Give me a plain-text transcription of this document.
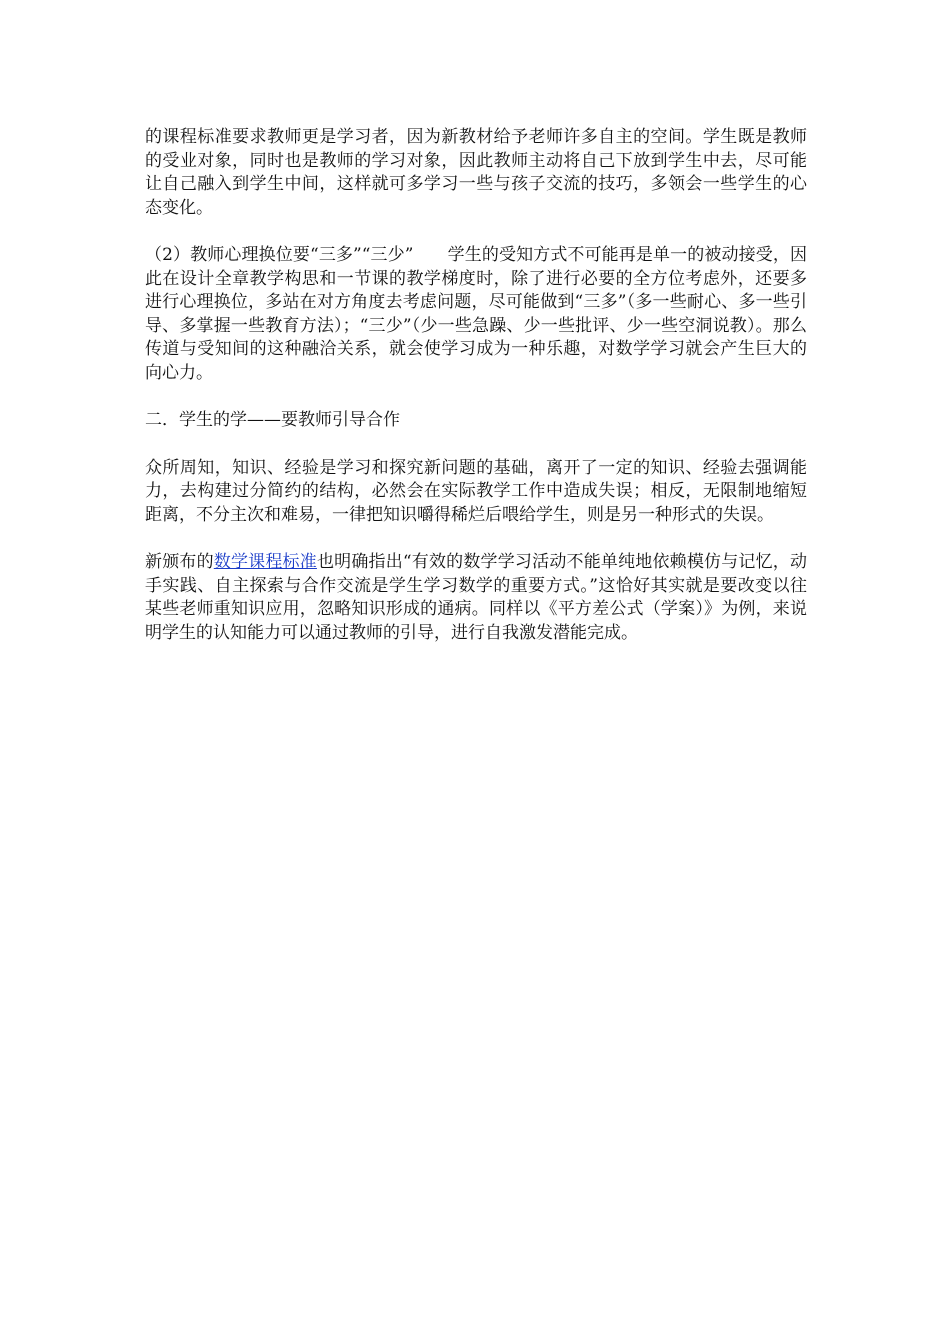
的课程标准要求教师更是学习者，因为新教材给予老师许多自主的空间。学生既是教师的受业对象，同时也是教师的学习对象，因此教师主动将自己下放到学生中去，尽可能让自己融入到学生中间，这样就可多学习一些与孩子交流的技巧，多领会一些学生的心态变化。

（2）教师心理换位要“三多”“三少” 学生的受知方式不可能再是单一的被动接受，因此在设计全章教学构思和一节课的教学梯度时，除了进行必要的全方位考虑外，还要多进行心理换位，多站在对方角度去考虑问题，尽可能做到“三多”（多一些耐心、多一些引导、多掌握一些教育方法）；“三少”（少一些急躁、少一些批评、少一些空洞说教）。那么传道与受知间的这种融洽关系，就会使学习成为一种乐趣，对数学学习就会产生巨大的向心力。

二．学生的学——要教师引导合作

众所周知，知识、经验是学习和探究新问题的基础，离开了一定的知识、经验去强调能力，去构建过分简约的结构，必然会在实际教学工作中造成失误；相反，无限制地缩短距离，不分主次和难易，一律把知识嚼得稀烂后喂给学生，则是另一种形式的失误。

新颁布的数学课程标准也明确指出“有效的数学学习活动不能单纯地依赖模仿与记忆，动手实践、自主探索与合作交流是学生学习数学的重要方式。”这恰好其实就是要改变以往某些老师重知识应用，忽略知识形成的通病。同样以《平方差公式（学案）》为例，来说明学生的认知能力可以通过教师的引导，进行自我激发潜能完成。
